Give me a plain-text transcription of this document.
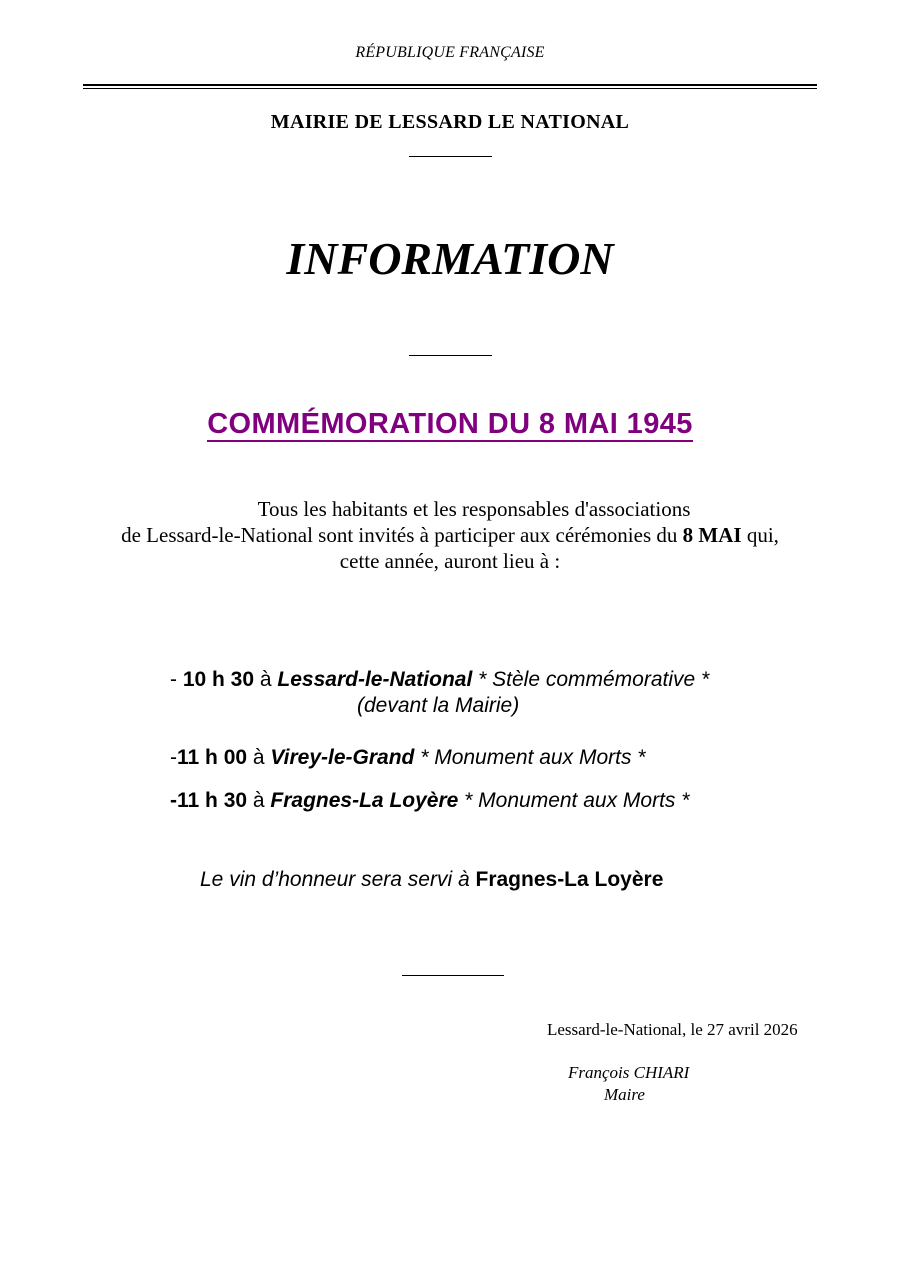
RÉPUBLIQUE FRANÇAISE
MAIRIE DE LESSARD LE NATIONAL
INFORMATION
COMMÉMORATION DU 8 MAI 1945
Tous les habitants et les responsables d'associations
de Lessard-le-National sont invités à participer aux cérémonies du 8 MAI qui,
cette année, auront lieu à :
- 10 h 30 à Lessard-le-National * Stèle commémorative *
(devant la Mairie)
-11 h 00 à Virey-le-Grand * Monument aux Morts *
-11 h 30 à Fragnes-La Loyère * Monument aux Morts *
Le vin d’honneur sera servi à Fragnes-La Loyère
Lessard-le-National, le 27 avril 2026
François CHIARI
Maire
